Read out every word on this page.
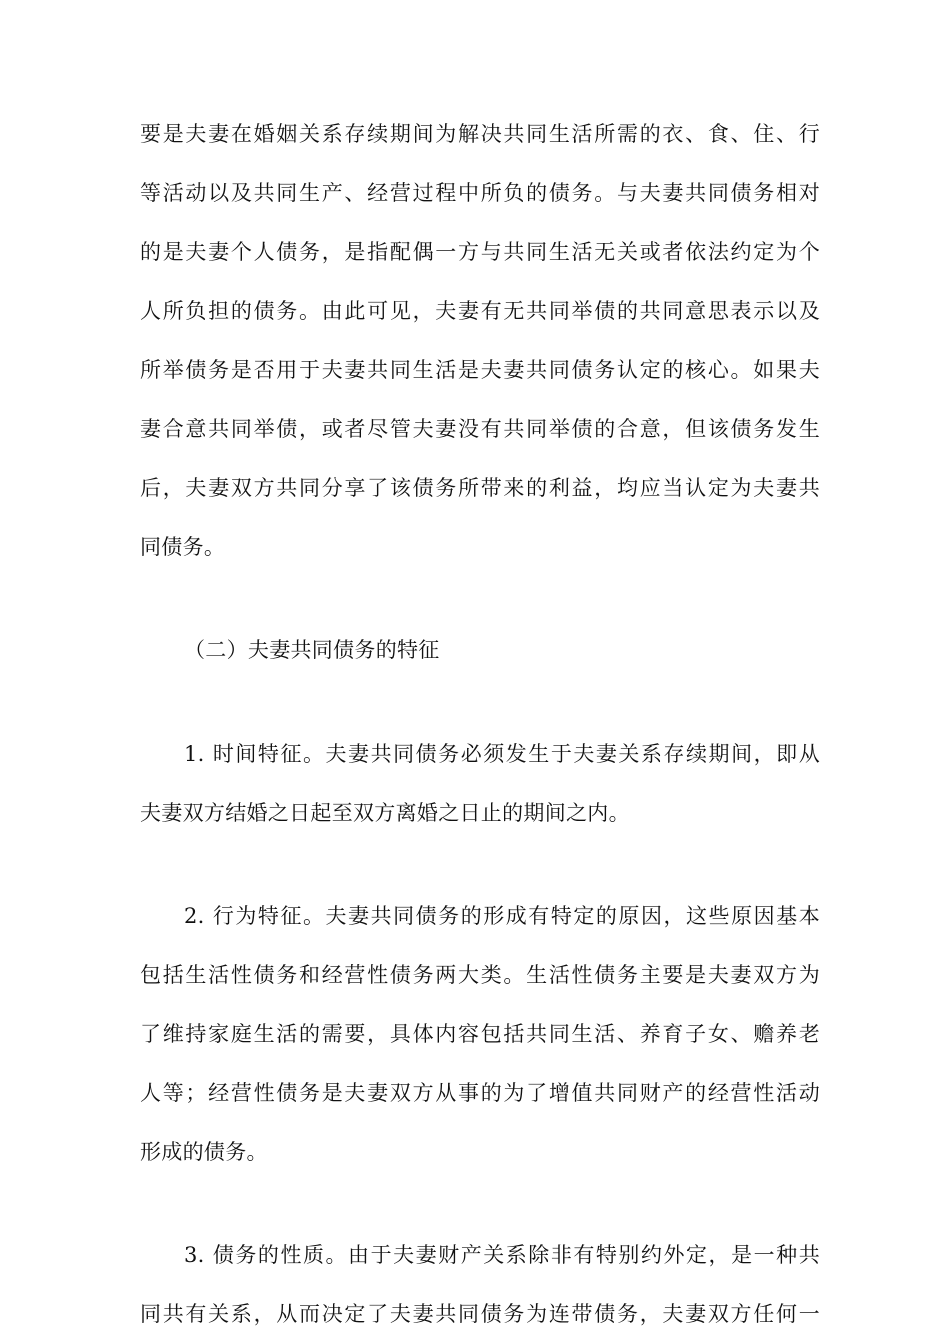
要是夫妻在婚姻关系存续期间为解决共同生活所需的衣、食、住、行
等活动以及共同生产、经营过程中所负的债务。与夫妻共同债务相对
的是夫妻个人债务，是指配偶一方与共同生活无关或者依法约定为个
人所负担的债务。由此可见，夫妻有无共同举债的共同意思表示以及
所举债务是否用于夫妻共同生活是夫妻共同债务认定的核心。如果夫
妻合意共同举债，或者尽管夫妻没有共同举债的合意，但该债务发生
后，夫妻双方共同分享了该债务所带来的利益，均应当认定为夫妻共
同债务。
（二）夫妻共同债务的特征
1. 时间特征。夫妻共同债务必须发生于夫妻关系存续期间，即从
夫妻双方结婚之日起至双方离婚之日止的期间之内。
2. 行为特征。夫妻共同债务的形成有特定的原因，这些原因基本
包括生活性债务和经营性债务两大类。生活性债务主要是夫妻双方为
了维持家庭生活的需要，具体内容包括共同生活、养育子女、赡养老
人等；经营性债务是夫妻双方从事的为了增值共同财产的经营性活动
形成的债务。
3. 债务的性质。由于夫妻财产关系除非有特别约外定，是一种共
同共有关系，从而决定了夫妻共同债务为连带债务，夫妻双方任何一
